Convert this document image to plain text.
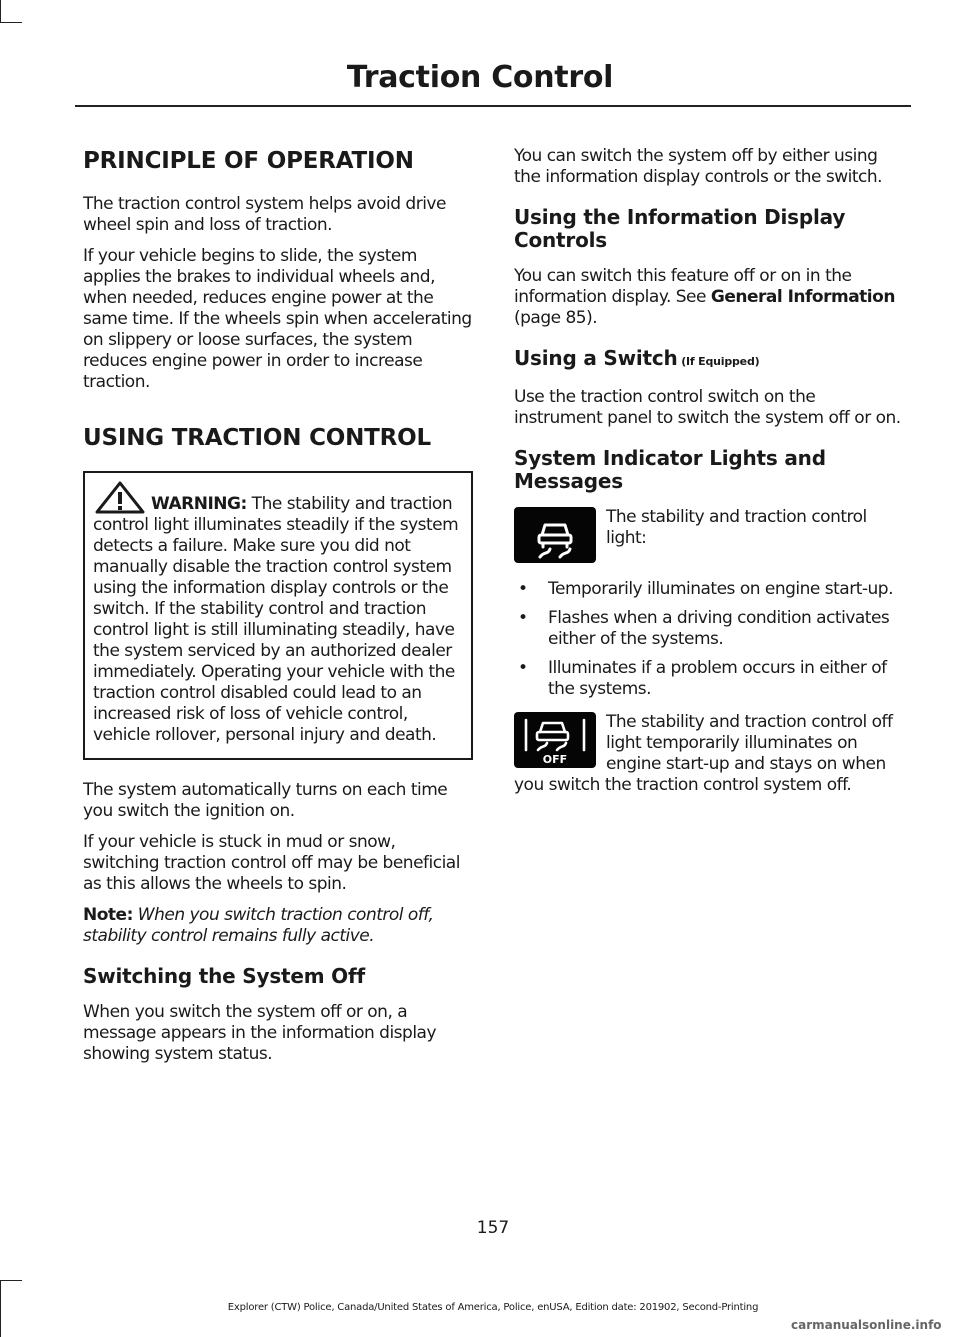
Traction Control
PRINCIPLE OF OPERATION

The traction control system helps avoid drive wheel spin and loss of traction.

If your vehicle begins to slide, the system applies the brakes to individual wheels and, when needed, reduces engine power at the same time. If the wheels spin when accelerating on slippery or loose surfaces, the system reduces engine power in order to increase traction.

USING TRACTION CONTROL

WARNING: The stability and traction control light illuminates steadily if the system detects a failure. Make sure you did not manually disable the traction control system using the information display controls or the switch. If the stability control and traction control light is still illuminating steadily, have the system serviced by an authorized dealer immediately. Operating your vehicle with the traction control disabled could lead to an increased risk of loss of vehicle control, vehicle rollover, personal injury and death.

The system automatically turns on each time you switch the ignition on.

If your vehicle is stuck in mud or snow, switching traction control off may be beneficial as this allows the wheels to spin.

Note: When you switch traction control off, stability control remains fully active.

Switching the System Off

When you switch the system off or on, a message appears in the information display showing system status.

You can switch the system off by either using the information display controls or the switch.

Using the Information Display Controls

You can switch this feature off or on in the information display. See General Information (page 85).

Using a Switch (If Equipped)

Use the traction control switch on the instrument panel to switch the system off or on.

System Indicator Lights and Messages

The stability and traction control light:

• Temporarily illuminates on engine start-up.
• Flashes when a driving condition activates either of the systems.
• Illuminates if a problem occurs in either of the systems.
OFF

The stability and traction control off light temporarily illuminates on engine start-up and stays on when you switch the traction control system off.

157
Explorer (CTW) Police, Canada/United States of America, Police, enUSA, Edition date: 201902, Second-Printing
carmanualsonline.info
